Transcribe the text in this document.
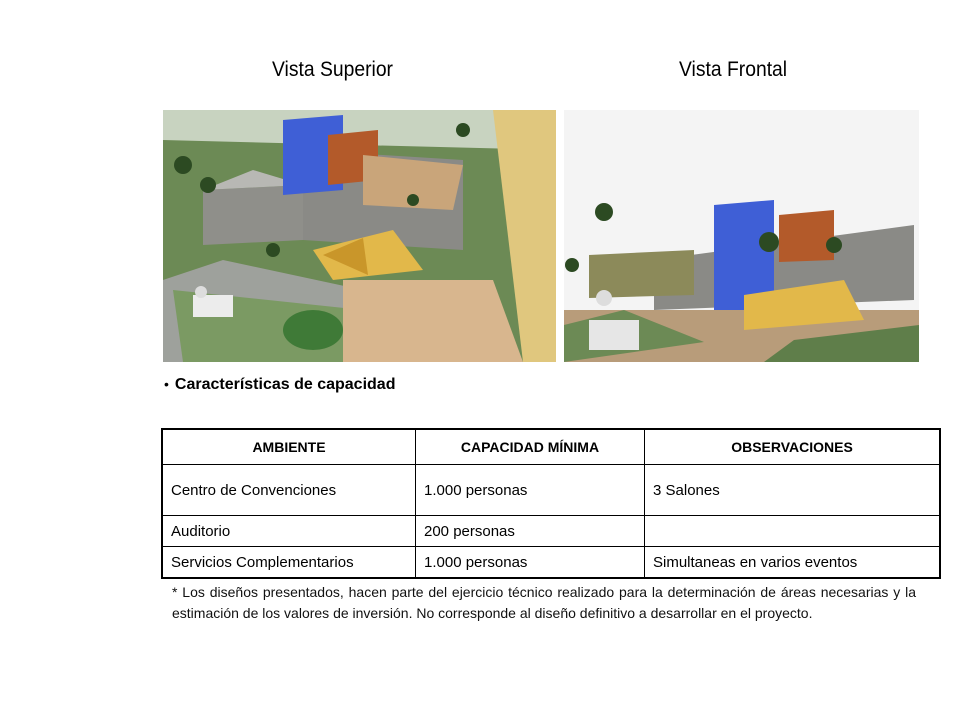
Vista Superior	Vista Frontal
• Características de capacidad
AMBIENTE	CAPACIDAD MÍNIMA	OBSERVACIONES
Centro de Convenciones	1.000 personas	3 Salones
Auditorio	200 personas	
Servicios Complementarios	1.000 personas	Simultaneas en varios eventos
* Los diseños presentados, hacen parte del ejercicio técnico realizado para la determinación de áreas necesarias y la estimación de los valores de inversión. No corresponde al diseño definitivo a desarrollar en el proyecto.
